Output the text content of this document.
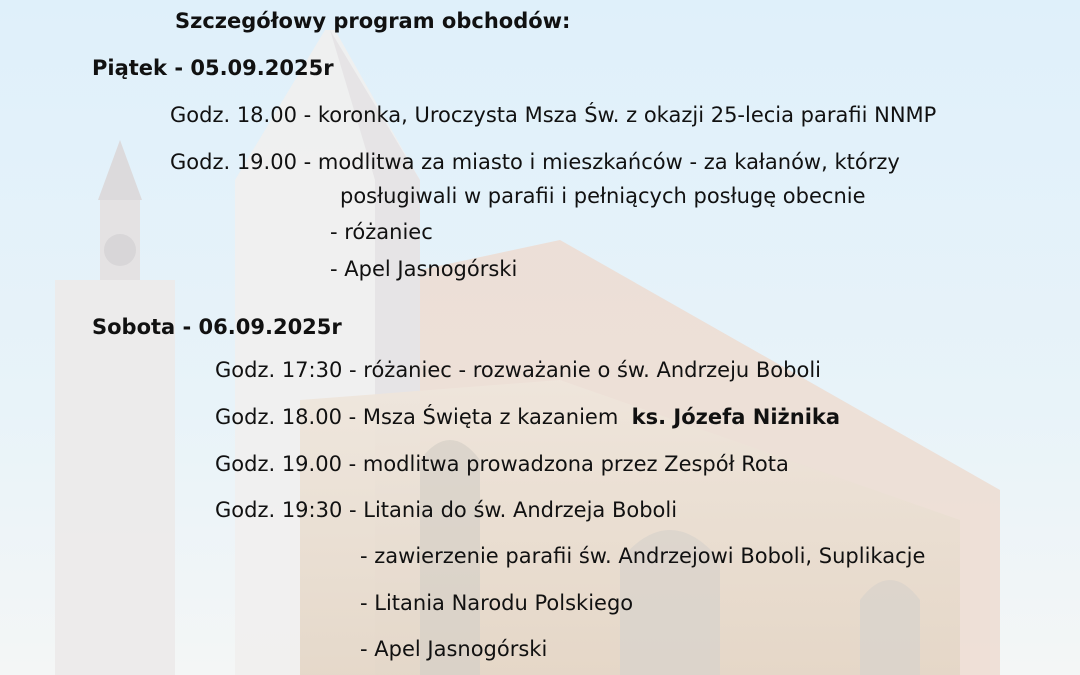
Szczegółowy program obchodów:
Piątek - 05.09.2025r
Godz. 18.00 - koronka, Uroczysta Msza Św. z okazji 25-lecia parafii NNMP
Godz. 19.00 - modlitwa za miasto i mieszkańców - za kałanów, którzy
posługiwali w parafii i pełniących posługę obecnie
- różaniec
- Apel Jasnogórski
Sobota - 06.09.2025r
Godz. 17:30 - różaniec - rozważanie o św. Andrzeju Boboli
Godz. 18.00 - Msza Święta z kazaniem ks. Józefa Niżnika
Godz. 19.00 - modlitwa prowadzona przez Zespół Rota
Godz. 19:30 - Litania do św. Andrzeja Boboli
- zawierzenie parafii św. Andrzejowi Boboli, Suplikacje
- Litania Narodu Polskiego
- Apel Jasnogórski
